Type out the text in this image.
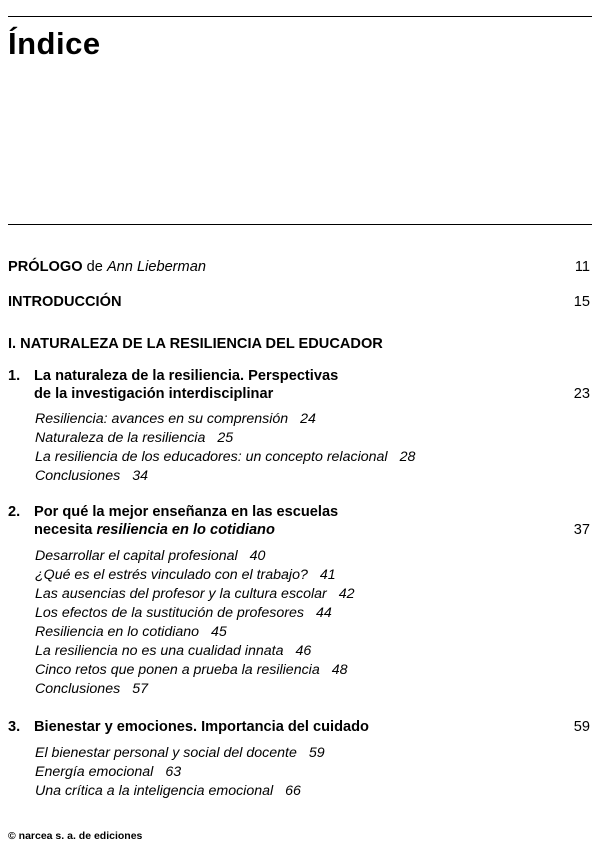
Índice
PRÓLOGO de Ann Lieberman	11
INTRODUCCIÓN	15
I. NATURALEZA DE LA RESILIENCIA DEL EDUCADOR
1. La naturaleza de la resiliencia. Perspectivas
de la investigación interdisciplinar	23
Resiliencia: avances en su comprensión 24
Naturaleza de la resiliencia 25
La resiliencia de los educadores: un concepto relacional 28
Conclusiones 34
2. Por qué la mejor enseñanza en las escuelas
necesita resiliencia en lo cotidiano	37
Desarrollar el capital profesional 40
¿Qué es el estrés vinculado con el trabajo? 41
Las ausencias del profesor y la cultura escolar 42
Los efectos de la sustitución de profesores 44
Resiliencia en lo cotidiano 45
La resiliencia no es una cualidad innata 46
Cinco retos que ponen a prueba la resiliencia 48
Conclusiones 57
3. Bienestar y emociones. Importancia del cuidado	59
El bienestar personal y social del docente 59
Energía emocional 63
Una crítica a la inteligencia emocional 66
© narcea s. a. de ediciones
